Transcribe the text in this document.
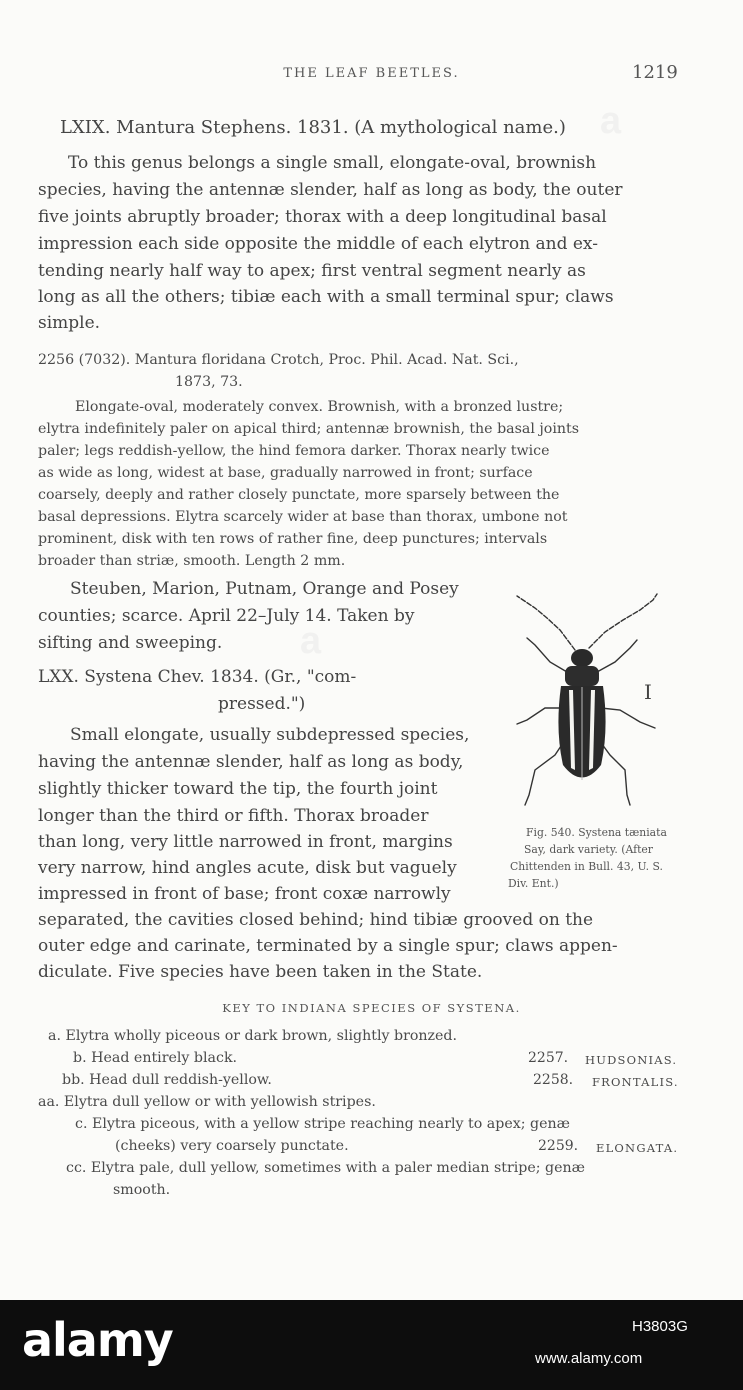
THE LEAF BEETLES.	1219
LXIX. Mantura Stephens. 1831. (A mythological name.)
To this genus belongs a single small, elongate-oval, brownish
species, having the antennæ slender, half as long as body, the outer
five joints abruptly broader; thorax with a deep longitudinal basal
impression each side opposite the middle of each elytron and ex-
tending nearly half way to apex; first ventral segment nearly as
long as all the others; tibiæ each with a small terminal spur; claws
simple.
2256 (7032). Mantura floridana Crotch, Proc. Phil. Acad. Nat. Sci.,
1873, 73.
Elongate-oval, moderately convex. Brownish, with a bronzed lustre;
elytra indefinitely paler on apical third; antennæ brownish, the basal joints
paler; legs reddish-yellow, the hind femora darker. Thorax nearly twice
as wide as long, widest at base, gradually narrowed in front; surface
coarsely, deeply and rather closely punctate, more sparsely between the
basal depressions. Elytra scarcely wider at base than thorax, umbone not
prominent, disk with ten rows of rather fine, deep punctures; intervals
broader than striæ, smooth. Length 2 mm.
Steuben, Marion, Putnam, Orange and Posey
counties; scarce. April 22–July 14. Taken by
sifting and sweeping.
LXX. Systena Chev. 1834. (Gr., "com-
pressed.")
Small elongate, usually subdepressed species,
having the antennæ slender, half as long as body,
slightly thicker toward the tip, the fourth joint
longer than the third or fifth. Thorax broader
than long, very little narrowed in front, margins
very narrow, hind angles acute, disk but vaguely
impressed in front of base; front coxæ narrowly
separated, the cavities closed behind; hind tibiæ grooved on the
outer edge and carinate, terminated by a single spur; claws appen-
diculate. Five species have been taken in the State.
I
Fig. 540. Systena tæniata
Say, dark variety. (After
Chittenden in Bull. 43, U. S.
Div. Ent.)
KEY TO INDIANA SPECIES OF SYSTENA.
a. Elytra wholly piceous or dark brown, slightly bronzed.
b. Head entirely black.	2257. HUDSONIAS.
bb. Head dull reddish-yellow.	2258. FRONTALIS.
aa. Elytra dull yellow or with yellowish stripes.
c. Elytra piceous, with a yellow stripe reaching nearly to apex; genæ
(cheeks) very coarsely punctate.	2259. ELONGATA.
cc. Elytra pale, dull yellow, sometimes with a paler median stripe; genæ
smooth.
a
a
alamy	H3803G
www.alamy.com
